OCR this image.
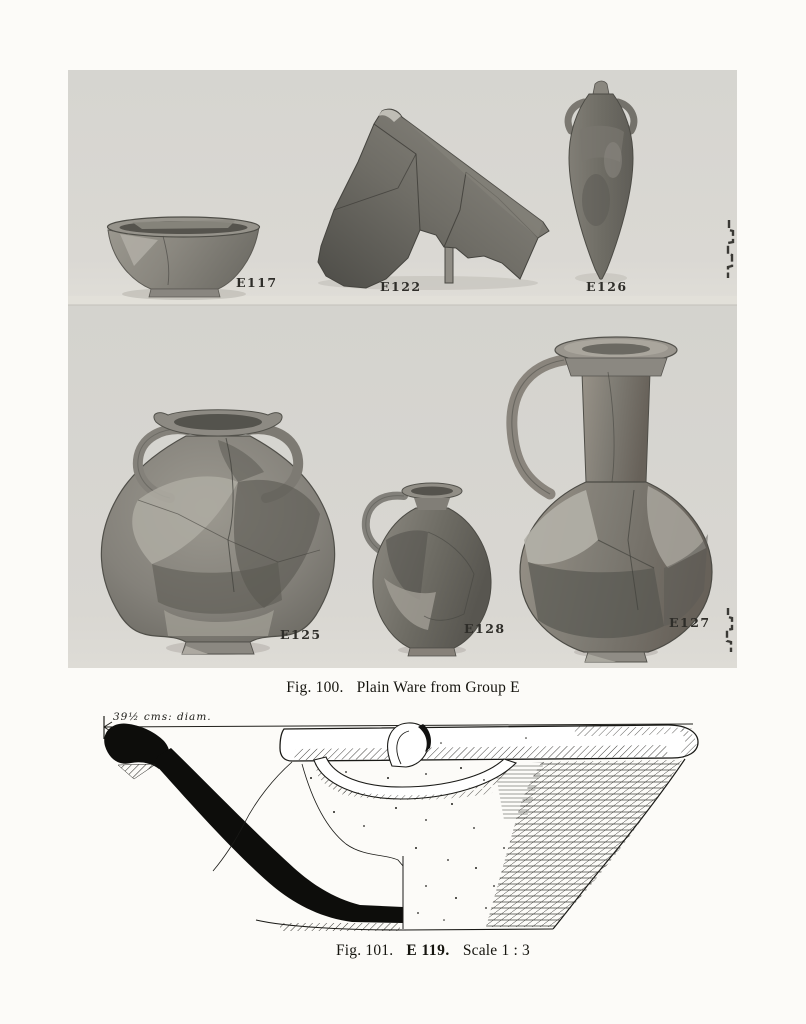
E117	E122	E126
E125	E128	E127
Fig. 100. Plain Ware from Group E
39½ cms: diam.
Fig. 101. E 119. Scale 1 : 3
